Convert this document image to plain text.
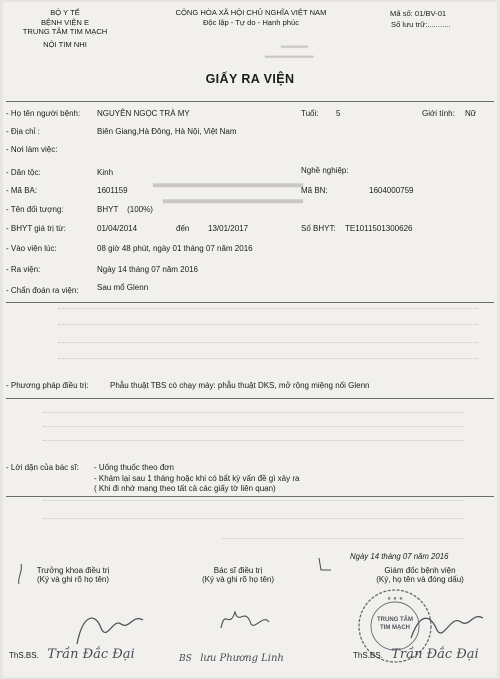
▂▂▂▂▂
▂▂▂▂▂▂▂▂▂
▂▂▂▂▂▂▂▂▂▂▂▂▂▂▂
▂▂▂▂▂▂▂▂▂▂▂▂▂▂
BỘ Y TẾ
BỆNH VIỆN E
TRUNG TÂM TIM MẠCH
NỘI TIM NHI
CỘNG HÒA XÃ HỘI CHỦ NGHĨA VIỆT NAM
Độc lập - Tự do - Hạnh phúc
Mã số: 01/BV-01
Số lưu trữ:...........
GIẤY RA VIỆN
- Họ tên người bệnh: NGUYỄN NGỌC TRÀ MY	Tuổi: 5	Giới tính: Nữ
- Địa chỉ :	Biên Giang,Hà Đông, Hà Nội, Việt Nam
- Nơi làm việc:
- Dân tộc:	Kinh	Nghề nghiệp:
- Mã BA:	1601159	Mã BN:	1604000759
- Tên đối tượng:	BHYT    (100%)
- BHYT giá trị từ:	01/04/2014	đến 13/01/2017	Số BHYT: TE1011501300626
- Vào viện lúc:	08 giờ 48 phút, ngày 01 tháng 07 năm 2016
- Ra viện:	Ngày 14 tháng 07 năm 2016
- Chẩn đoán ra viện: Sau mổ Glenn
- Phương pháp điều trị:	Phẫu thuật TBS có chạy máy: phẫu thuật DKS, mở rộng miệng nối Glenn
- Lời dặn của bác sĩ: - Uống thuốc theo đơn
- Khám lại sau 1 tháng hoặc khi có bất kỳ vấn đề gì xảy ra
( Khi đi nhớ mang theo tất cả các giấy tờ liên quan)
Ngày 14 tháng 07 năm 2016
Trưởng khoa điều trị
(Ký và ghi rõ họ tên)
Bác sĩ điều trị
(Ký và ghi rõ họ tên)
Giám đốc bệnh viện
(Ký, họ tên và đóng dấu)
★ ★ ★
TRUNG TÂM
TIM MẠCH
ThS.BS. Trần Đắc Đại	BS lưu Phương Linh	ThS.BS. Trần Đắc Đại
